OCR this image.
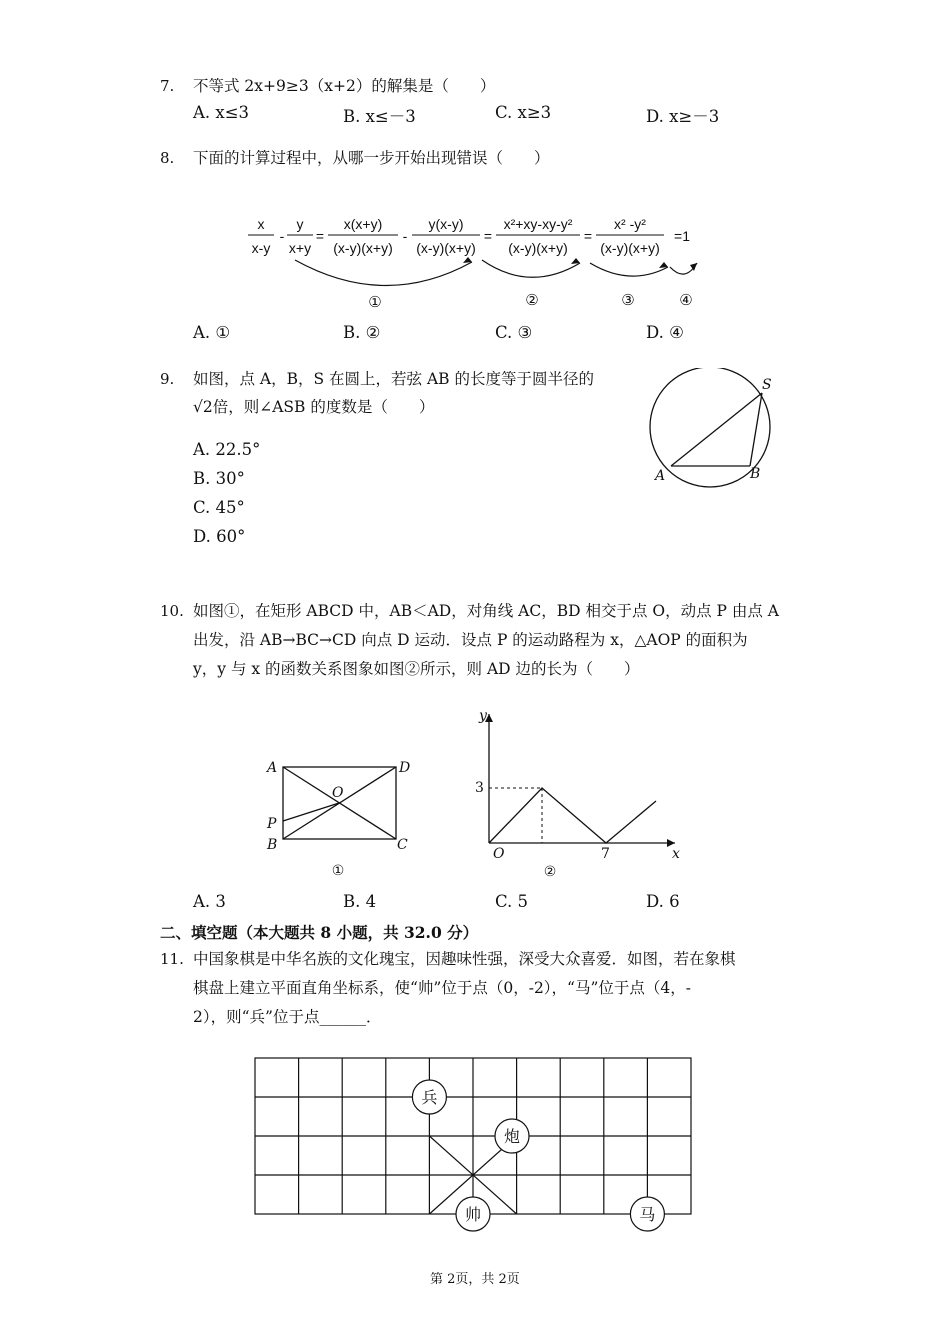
7. 不等式 2x+9≥3（x+2）的解集是（　　）
A. x≤3	B. x≤－3	C. x≥3	D. x≥－3
8. 下面的计算过程中，从哪一步开始出现错误（　　）
x
x-y
-
y
x+y
=
x(x+y)
(x-y)(x+y)
-
y(x-y)
(x-y)(x+y)
=
x²+xy-xy-y²
(x-y)(x+y)
=
x² -y²
(x-y)(x+y)
=1
①	②	③	④
A. ①	B. ②	C. ③	D. ④
9. 如图，点 A，B，S 在圆上，若弦 AB 的长度等于圆半径的
√2倍，则∠ASB 的度数是（　　）
A. 22.5°
B. 30°
C. 45°
D. 60°
S
A	B
10. 如图①，在矩形 ABCD 中，AB＜AD，对角线 AC，BD 相交于点 O，动点 P 由点 A
出发，沿 AB→BC→CD 向点 D 运动．设点 P 的运动路程为 x，△AOP 的面积为
y，y 与 x 的函数关系图象如图②所示，则 AD 边的长为（　　）
A	D
O
P
B	C
①
y
x
O
3
7
②
A. 3	B. 4	C. 5	D. 6
二、填空题（本大题共 8 小题，共 32.0 分）
11. 中国象棋是中华名族的文化瑰宝，因趣味性强，深受大众喜爱．如图，若在象棋
棋盘上建立平面直角坐标系，使“帅”位于点（0，-2），“马”位于点（4，-
2），则“兵”位于点______．
兵
炮
帅	马
第 2页，共 2页
